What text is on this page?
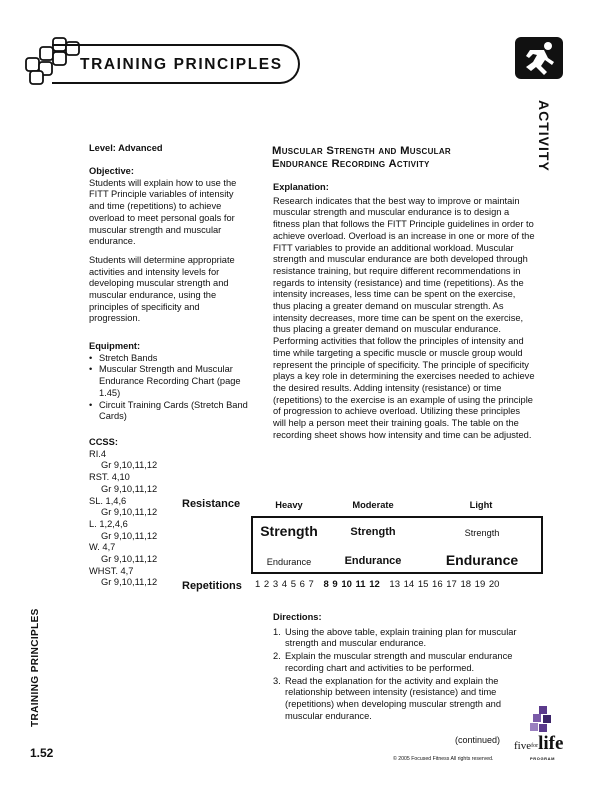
TRAINING PRINCIPLES
ACTIVITY
Level: Advanced
Objective:
Students will explain how to use the FITT Principle variables of intensity and time (repetitions) to achieve overload to meet personal goals for muscular strength and muscular endurance.
Students will determine appropriate activities and intensity levels for developing muscular strength and muscular endurance, using the principles of specificity and progression.
Equipment:
• Stretch Bands
• Muscular Strength and Muscular Endurance Recording Chart (page 1.45)
• Circuit Training Cards (Stretch Band Cards)
CCSS:
RI.4
Gr 9,10,11,12
RST. 4,10
Gr 9,10,11,12
SL. 1,4,6
Gr 9,10,11,12
L. 1,2,4,6
Gr 9,10,11,12
W. 4,7
Gr 9,10,11,12
WHST. 4,7
Gr 9,10,11,12
Muscular Strength and Muscular
Endurance Recording Activity
Explanation:
Research indicates that the best way to improve or maintain muscular strength and muscular endurance is to design a fitness plan that follows the FITT Principle guidelines in order to achieve overload. Overload is an increase in one or more of the FITT variables to provide an additional workload. Muscular strength and muscular endurance are both developed through resistance training, but require different recommendations in regards to intensity (resistance) and time (repetitions). As the intensity increases, less time can be spent on the exercise, thus placing a greater demand on muscular strength. As intensity decreases, more time can be spent on the exercise, thus placing a greater demand on muscular endurance. Performing activities that follow the principles of intensity and time while targeting a specific muscle or muscle group would represent the principle of specificity. The principle of specificity plays a key role in determining the exercises needed to achieve the desired results. Adding intensity (resistance) or time (repetitions) to the exercise is an example of using the principle of progression to achieve overload. Utilizing these principles will help a person meet their training goals. The table on the recording sheet shows how intensity and time can be adjusted.
Resistance	Heavy	Moderate	Light
Strength	Strength	Strength
Endurance	Endurance	Endurance
Repetitions 1 2 3 4 5 6 7 8 9 10 11 12 13 14 15 16 17 18 19 20
Directions:
1. Using the above table, explain training plan for muscular strength and muscular endurance.
2. Explain the muscular strength and muscular endurance recording chart and activities to be performed.
3. Read the explanation for the activity and explain the relationship between intensity (resistance) and time (repetitions) when developing muscular strength and muscular endurance.
TRAINING PRINCIPLES
1.52
(continued)
© 2005 Focused Fitness All rights reserved.
fiveforlife
PROGRAM
